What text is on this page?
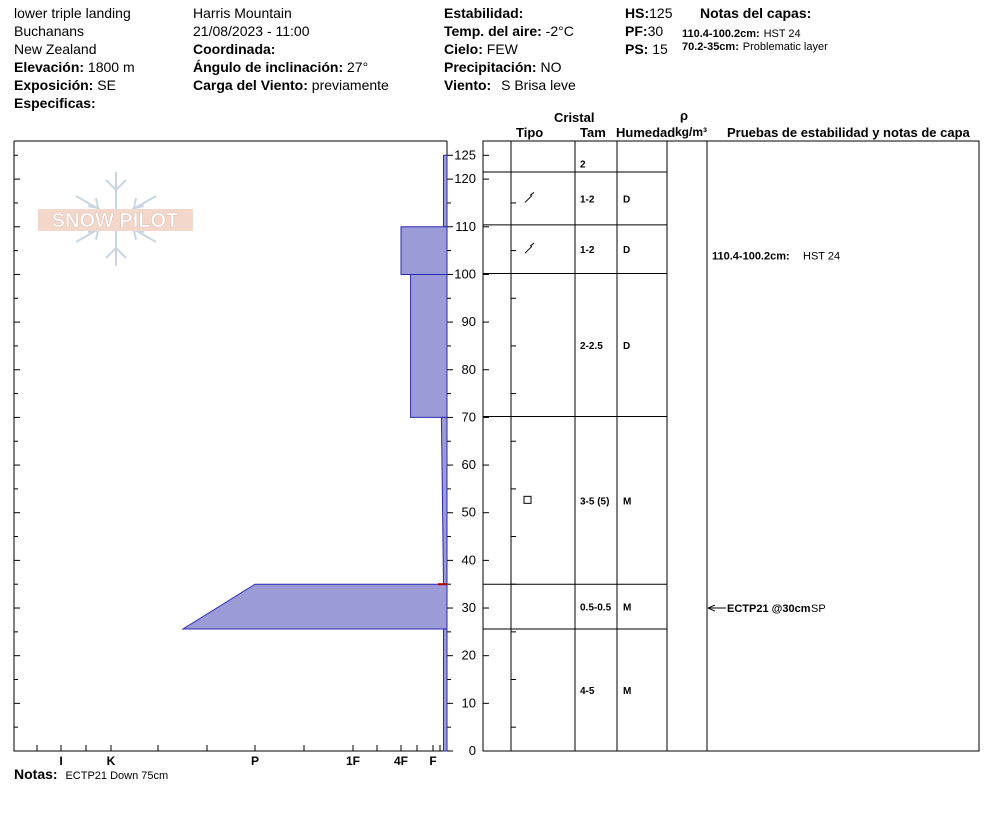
lower triple landing
Buchanans
New Zealand
Elevación: 1800 m
Exposición: SE
Especificas:
Harris Mountain
21/08/2023 - 11:00
Coordinada:
Ángulo de inclinación: 27°
Carga del Viento: previamente
Estabilidad:
Temp. del aire: -2°C
Cielo: FEW
Precipitación: NO
Viento: S Brisa leve
HS:125
PF:30
PS: 15
Notas del capas:
110.4-100.2cm: HST 24
70.2-35cm: Problematic layer
Cristal
Tipo	Tam Humedad
ρ
kg/m³ Pruebas de estabilidad y notas de capa
Notas: ECTP21 Down 75cm
SNOW PILOT
I	K	P	1F	4F F
0
10
20
30
40
50
60
70
80
90
100
110
120
125
2
1-2	D
1-2	D
2-2.5 D
3-5 (5) M
0.5-0.5 M
4-5	M
110.4-100.2cm: HST 24
ECTP21 @30cm SP
